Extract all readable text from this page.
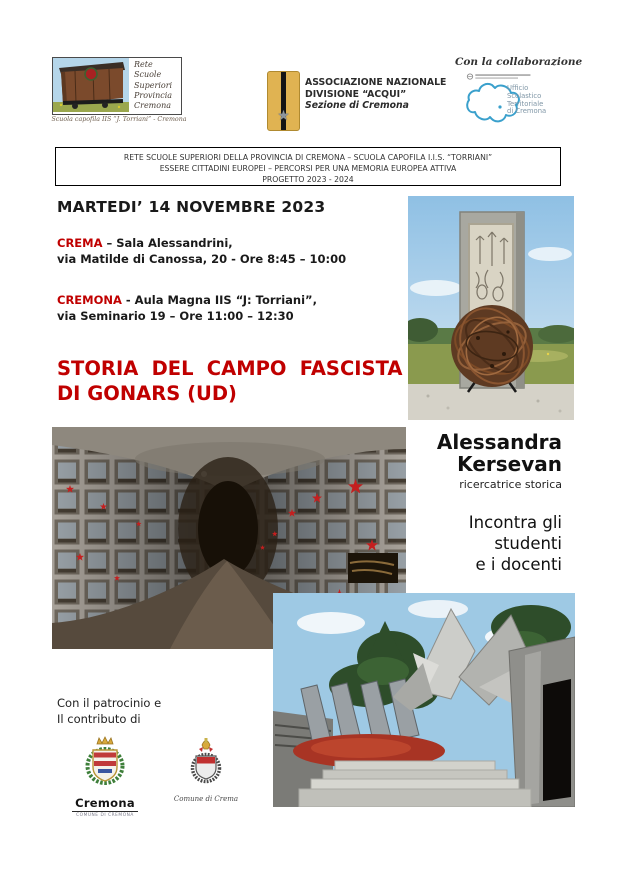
Rete
Scuole
Superiori
Provincia
Cremona
Scuola capofila IIS “J. Torriani” - Cremona	★
ASSOCIAZIONE NAZIONALE
DIVISIONE “ACQUI”
Sezione di Cremona
Con la collaborazione
Ufficio
Scolastico
Territoriale
di Cremona
RETE SCUOLE SUPERIORI DELLA PROVINCIA DI CREMONA – SCUOLA CAPOFILA I.I.S. “TORRIANI”
ESSERE CITTADINI EUROPEI – PERCORSI PER UNA MEMORIA EUROPEA ATTIVA
PROGETTO 2023 - 2024
MARTEDI’ 14 NOVEMBRE 2023
CREMA – Sala Alessandrini,
via Matilde di Canossa, 20 - Ore 8:45 – 10:00
CREMONA - Aula Magna IIS “J: Torriani”,
via Seminario 19 – Ore 11:00 – 12:30
STORIA DEL CAMPO FASCISTA
DI GONARS (UD)
Alessandra
Kersevan
ricercatrice storica
Incontra gli
studenti
e i docenti
Con il patrocinio e
Il contributo di
Cremona
COMUNE DI CREMONA
Comune di Crema
